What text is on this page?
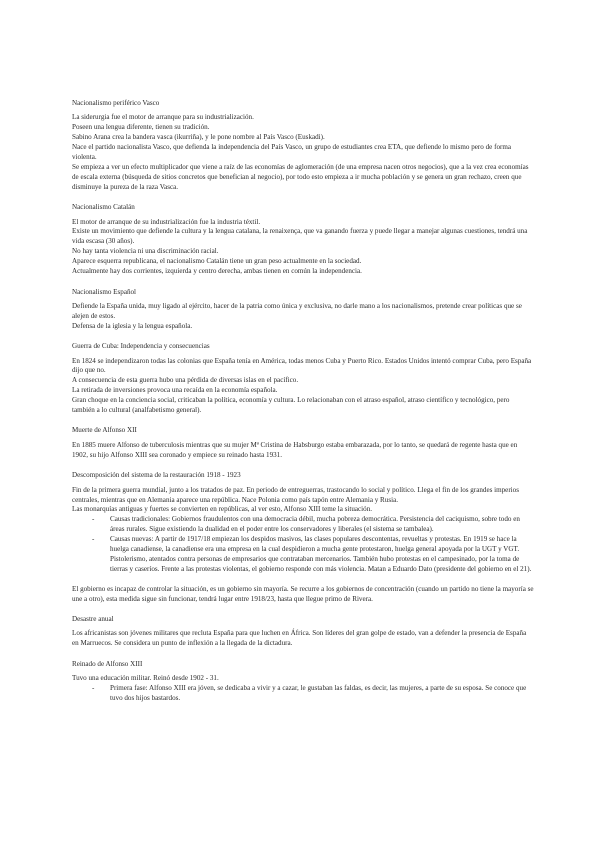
Nacionalismo periférico Vasco

La siderurgia fue el motor de arranque para su industrialización.

Poseen una lengua diferente, tienen su tradición.

Sabino Arana crea la bandera vasca (ikurriña), y le pone nombre al País Vasco (Euskadi).

Nace el partido nacionalista Vasco, que defienda la independencia del País Vasco, un grupo de estudiantes crea ETA, que defiende lo mismo pero de forma violenta.

Se empieza a ver un efecto multiplicador que viene a raíz de las economías de aglomeración (de una empresa nacen otros negocios), que a la vez crea economías de escala externa (búsqueda de sitios concretos que benefician al negocio), por todo esto empieza a ir mucha población y se genera un gran rechazo, creen que disminuye la pureza de la raza Vasca.

Nacionalismo Catalán

El motor de arranque de su industrialización fue la industria téxtil.

Existe un movimiento que defiende la cultura y la lengua catalana, la renaixença, que va ganando fuerza y puede llegar a manejar algunas cuestiones, tendrá una vida escasa (30 años).

No hay tanta violencia ni una discriminación racial.

Aparece esquerra republicana, el nacionalismo Catalán tiene un gran peso actualmente en la sociedad.

Actualmente hay dos corrientes, izquierda y centro derecha, ambas tienen en común la independencia.

Nacionalismo Español

Defiende la España unida, muy ligado al ejército, hacer de la patria como única y exclusiva, no darle mano a los nacionalismos, pretende crear políticas que se alejen de estos.

Defensa de la iglesia y la lengua española.

Guerra de Cuba: Independencia y consecuencias

En 1824 se independizaron todas las colonias que España tenía en América, todas menos Cuba y Puerto Rico. Estados Unidos intentó comprar Cuba, pero España dijo que no.

A consecuencia de esta guerra hubo una pérdida de diversas islas en el pacífico.

La retirada de inversiones provoca una recaída en la economía española.

Gran choque en la conciencia social, criticaban la política, economía y cultura. Lo relacionaban con el atraso español, atraso científico y tecnológico, pero también a lo cultural (analfabetismo general).

Muerte de Alfonso XII

En 1885 muere Alfonso de tuberculosis mientras que su mujer Mª Cristina de Habsburgo estaba embarazada, por lo tanto, se quedará de regente hasta que en 1902, su hijo Alfonso XIII sea coronado y empiece su reinado hasta 1931.

Descomposición del sistema de la restauración 1918 - 1923

Fin de la primera guerra mundial, junto a los tratados de paz. En periodo de entreguerras, trastocando lo social y político. Llega el fin de los grandes imperios centrales, mientras que en Alemania aparece una república. Nace Polonia como país tapón entre Alemania y Rusia.

Las monarquías antiguas y fuertes se convierten en repúblicas, al ver esto, Alfonso XIII teme la situación.

- Causas tradicionales: Gobiernos fraudulentos con una democracia débil, mucha pobreza democrática. Persistencia del caciquismo, sobre todo en áreas rurales. Sigue existiendo la dualidad en el poder entre los conservadores y liberales (el sistema se tambalea).
- Causas nuevas: A partir de 1917/18 empiezan los despidos masivos, las clases populares descontentas, revueltas y protestas. En 1919 se hace la huelga canadiense, la canadiense era una empresa en la cual despidieron a mucha gente protestaron, huelga general apoyada por la UGT y VGT. Pistolerismo, atentados contra personas de empresarios que contrataban mercenarios. También hubo protestas en el campesinado, por la toma de tierras y caseríos. Frente a las protestas violentas, el gobierno responde con más violencia. Matan a Eduardo Dato (presidente del gobierno en el 21).

El gobierno es incapaz de controlar la situación, es un gobierno sin mayoría. Se recurre a los gobiernos de concentración (cuando un partido no tiene la mayoría se une a otro), esta medida sigue sin funcionar, tendrá lugar entre 1918/23, hasta que llegue primo de Rivera.

Desastre anual

Los africanistas son jóvenes militares que recluta España para que luchen en África. Son líderes del gran golpe de estado, van a defender la presencia de España en Marruecos. Se considera un punto de inflexión a la llegada de la dictadura.

Reinado de Alfonso XIII

Tuvo una educación militar. Reinó desde 1902 - 31.

- Primera fase: Alfonso XIII era jóven, se dedicaba a vivir y a cazar, le gustaban las faldas, es decir, las mujeres, a parte de su esposa. Se conoce que tuvo dos hijos bastardos.
